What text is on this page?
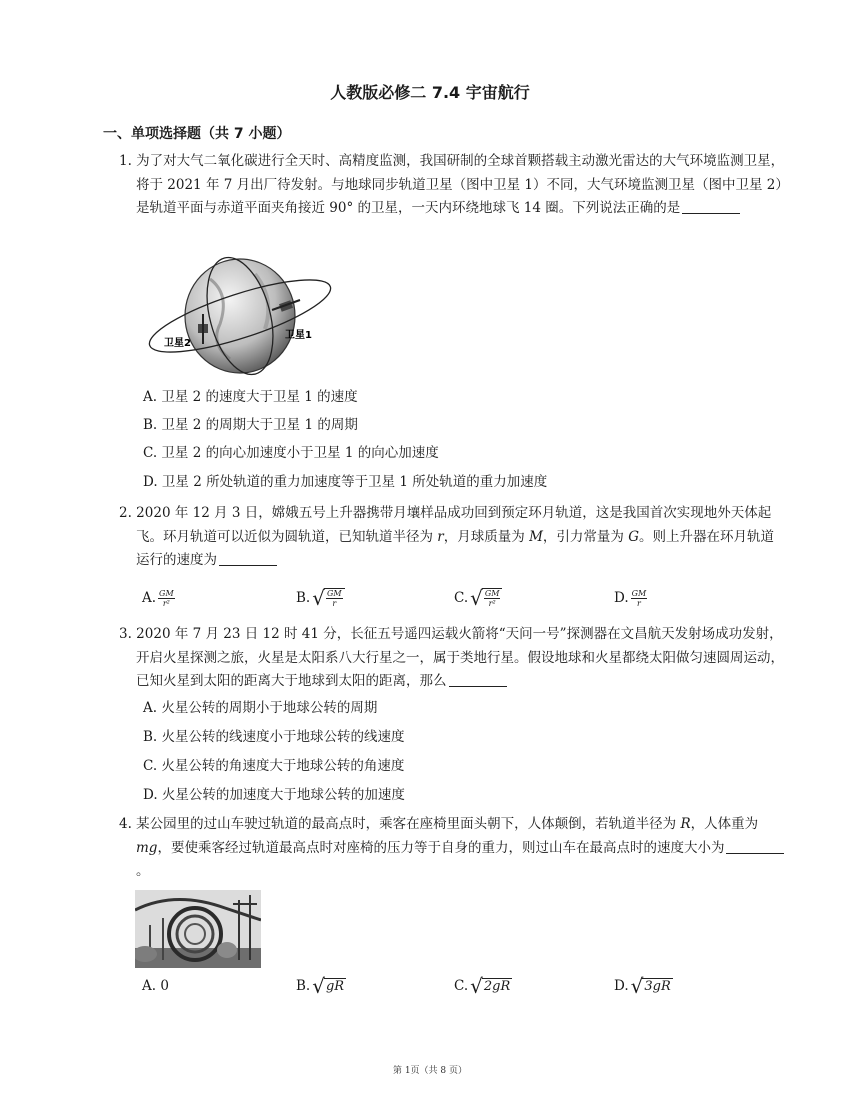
人教版必修二 7.4 宇宙航行
一、单项选择题（共 7 小题）
1. 为了对大气二氧化碳进行全天时、高精度监测，我国研制的全球首颗搭载主动激光雷达的大气环境监测卫星，将于 2021 年 7 月出厂待发射。与地球同步轨道卫星（图中卫星 1）不同，大气环境监测卫星（图中卫星 2）是轨道平面与赤道平面夹角接近 90° 的卫星，一天内环绕地球飞 14 圈。下列说法正确的是
卫星1
卫星2
A. 卫星 2 的速度大于卫星 1 的速度
B. 卫星 2 的周期大于卫星 1 的周期
C. 卫星 2 的向心加速度小于卫星 1 的向心加速度
D. 卫星 2 所处轨道的重力加速度等于卫星 1 所处轨道的重力加速度
2. 2020 年 12 月 3 日，嫦娥五号上升器携带月壤样品成功回到预定环月轨道，这是我国首次实现地外天体起飞。环月轨道可以近似为圆轨道，已知轨道半径为 r，月球质量为 M，引力常量为 G。则上升器在环月轨道运行的速度为
A. $\frac{GM}{\text{r²}}$	B. √ $\frac{GM}{r}$	C. √ $\frac{GM}{\text{r²}}$	D. $\frac{GM}{r}$
3. 2020 年 7 月 23 日 12 时 41 分，长征五号遥四运载火箭将“天问一号”探测器在文昌航天发射场成功发射，开启火星探测之旅，火星是太阳系八大行星之一，属于类地行星。假设地球和火星都绕太阳做匀速圆周运动，已知火星到太阳的距离大于地球到太阳的距离，那么
A. 火星公转的周期小于地球公转的周期
B. 火星公转的线速度小于地球公转的线速度
C. 火星公转的角速度大于地球公转的角速度
D. 火星公转的加速度大于地球公转的加速度
4. 某公园里的过山车驶过轨道的最高点时，乘客在座椅里面头朝下，人体颠倒，若轨道半径为 R，人体重为 mg，要使乘客经过轨道最高点时对座椅的压力等于自身的重力，则过山车在最高点时的速度大小为。
A. 0	B. √ gR	C. √ 2gR	D. √ 3gR
第 1页（共 8 页）
